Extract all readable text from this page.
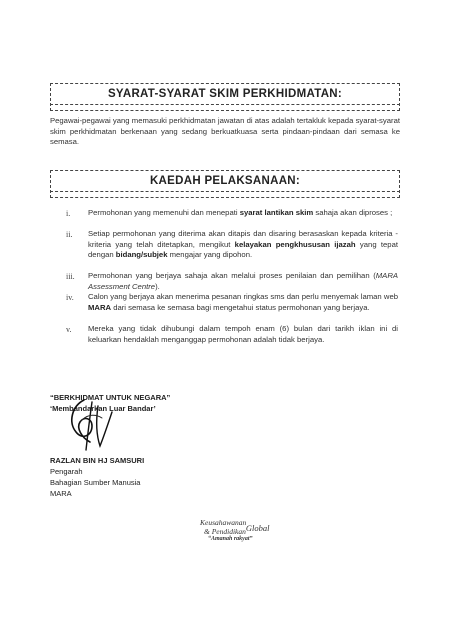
SYARAT-SYARAT SKIM PERKHIDMATAN:
Pegawai-pegawai yang memasuki perkhidmatan jawatan di atas adalah tertakluk kepada syarat-syarat skim perkhidmatan berkenaan yang sedang berkuatkuasa serta pindaan-pindaan dari semasa ke semasa.
KAEDAH PELAKSANAAN:
i. Permohonan yang memenuhi dan menepati syarat lantikan skim sahaja akan diproses ;
ii. Setiap permohonan yang diterima akan ditapis dan disaring berasaskan kepada kriteria - kriteria yang telah ditetapkan, mengikut kelayakan pengkhususan ijazah yang tepat dengan bidang/subjek mengajar yang dipohon.
iii. Permohonan yang berjaya sahaja akan melalui proses penilaian dan pemilihan (MARA Assessment Centre).
iv. Calon yang berjaya akan menerima pesanan ringkas sms dan perlu menyemak laman web MARA dari semasa ke semasa bagi mengetahui status permohonan yang berjaya.
v. Mereka yang tidak dihubungi dalam tempoh enam (6) bulan dari tarikh iklan ini di keluarkan hendaklah menganggap permohonan adalah tidak berjaya.
“BERKHIDMAT UNTUK NEGARA”
‘Membandarkan Luar Bandar’
RAZLAN BIN HJ SAMSURI
Pengarah
Bahagian Sumber Manusia
MARA
Keusahawanan
& PendidikanGlobal
“Amanah rakyat”
